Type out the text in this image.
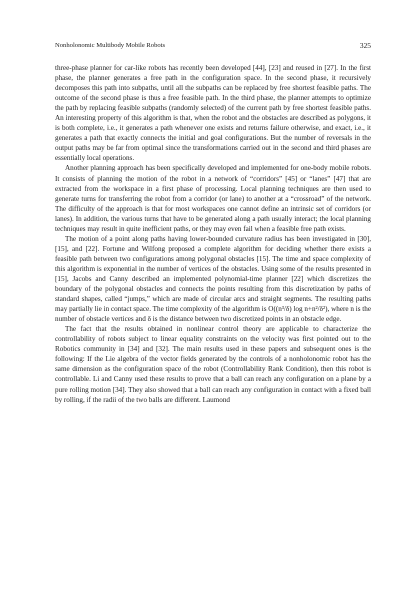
Nonholonomic Multibody Mobile Robots	325

three-phase planner for car-like robots has recently been developed [44], [23] and reused in [27]. In the first phase, the planner generates a free path in the configuration space. In the second phase, it recursively decomposes this path into subpaths, until all the subpaths can be replaced by free shortest feasible paths. The outcome of the second phase is thus a free feasible path. In the third phase, the planner attempts to optimize the path by replacing feasible subpaths (randomly selected) of the current path by free shortest feasible paths. An interesting property of this algorithm is that, when the robot and the obstacles are described as polygons, it is both complete, i.e., it generates a path whenever one exists and returns failure otherwise, and exact, i.e., it generates a path that exactly connects the initial and goal configurations. But the number of reversals in the output paths may be far from optimal since the transformations carried out in the second and third phases are essentially local operations.

Another planning approach has been specifically developed and implemented for one-body mobile robots. It consists of planning the motion of the robot in a network of “corridors” [45] or “lanes” [47] that are extracted from the workspace in a first phase of processing. Local planning techniques are then used to generate turns for transferring the robot from a corridor (or lane) to another at a “crossroad” of the network. The difficulty of the approach is that for most workspaces one cannot define an intrinsic set of corridors (or lanes). In addition, the various turns that have to be generated along a path usually interact; the local planning techniques may result in quite inefficient paths, or they may even fail when a feasible free path exists.

The motion of a point along paths having lower-bounded curvature radius has been investigated in [30], [15], and [22]. Fortune and Wilfong proposed a complete algorithm for deciding whether there exists a feasible path between two configurations among polygonal obstacles [15]. The time and space complexity of this algorithm is exponential in the number of vertices of the obstacles. Using some of the results presented in [15], Jacobs and Canny described an implemented polynomial-time planner [22] which discretizes the boundary of the polygonal obstacles and connects the points resulting from this discretization by paths of standard shapes, called “jumps,” which are made of circular arcs and straight segments. The resulting paths may partially lie in contact space. The time complexity of the algorithm is O((n³/δ) log n+n²/δ²), where n is the number of obstacle vertices and δ is the distance between two discretized points in an obstacle edge.

The fact that the results obtained in nonlinear control theory are applicable to characterize the controllability of robots subject to linear equality constraints on the velocity was first pointed out to the Robotics community in [34] and [32]. The main results used in these papers and subsequent ones is the following: If the Lie algebra of the vector fields generated by the controls of a nonholonomic robot has the same dimension as the configuration space of the robot (Controllability Rank Condition), then this robot is controllable. Li and Canny used these results to prove that a ball can reach any configuration on a plane by a pure rolling motion [34]. They also showed that a ball can reach any configuration in contact with a fixed ball by rolling, if the radii of the two balls are different. Laumond
